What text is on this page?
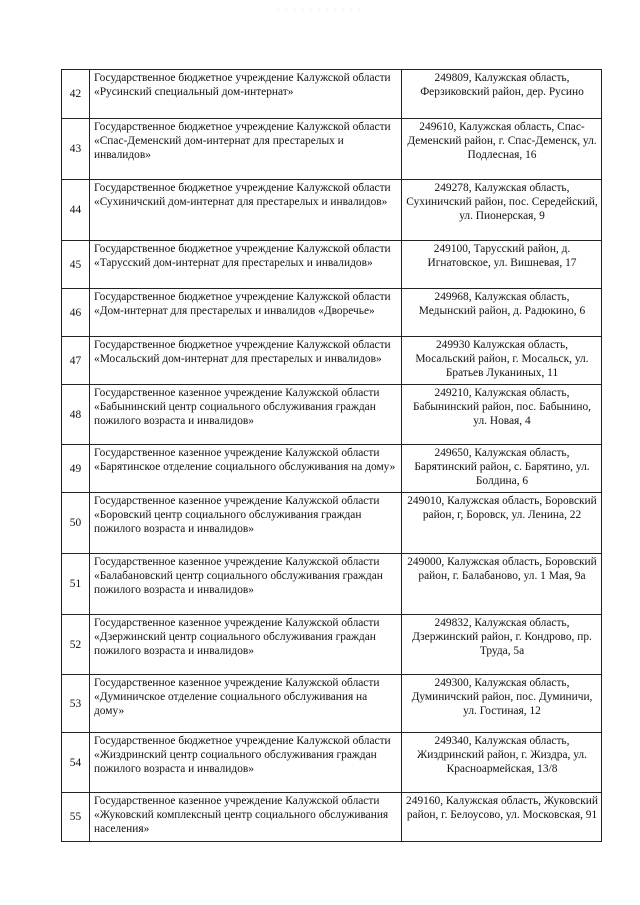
· · · · · · · · · · ·
42	Государственное бюджетное учреждение Калужской области «Русинский специальный дом-интернат»	249809, Калужская область, Ферзиковский район, дер. Русино
43	Государственное бюджетное учреждение Калужской области «Спас-Деменский дом-интернат для престарелых и инвалидов»	249610, Калужская область, Спас-Деменский район, г. Спас-Деменск, ул. Подлесная, 16
44	Государственное бюджетное учреждение Калужской области «Сухиничский дом-интернат для престарелых и инвалидов»	249278, Калужская область, Сухиничский район, пос. Середейский, ул. Пионерская, 9
45	Государственное бюджетное учреждение Калужской области «Тарусский дом-интернат для престарелых и инвалидов»	249100, Тарусский район, д. Игнатовское, ул. Вишневая, 17
46	Государственное бюджетное учреждение Калужской области «Дом-интернат для престарелых и инвалидов «Дворечье»	249968, Калужская область, Медынский район, д. Радюкино, 6
47	Государственное бюджетное учреждение Калужской области «Мосальский дом-интернат для престарелых и инвалидов»	249930 Калужская область, Мосальский район, г. Мосальск, ул. Братьев Луканиных, 11
48	Государственное казенное учреждение Калужской области «Бабынинский центр социального обслуживания граждан пожилого возраста и инвалидов»	249210, Калужская область, Бабынинский район, пос. Бабынино, ул. Новая, 4
49	Государственное казенное учреждение Калужской области «Барятинское отделение социального обслуживания на дому»	249650, Калужская область, Барятинский район, с. Барятино, ул. Болдина, 6
50	Государственное казенное учреждение Калужской области «Боровский центр социального обслуживания граждан пожилого возраста и инвалидов»	249010, Калужская область, Боровский район, г, Боровск, ул. Ленина, 22
51	Государственное казенное учреждение Калужской области «Балабановский центр социального обслуживания граждан пожилого возраста и инвалидов»	249000, Калужская область, Боровский район, г. Балабаново, ул. 1 Мая, 9а
52	Государственное казенное учреждение Калужской области «Дзержинский центр социального обслуживания граждан пожилого возраста и инвалидов»	249832, Калужская область, Дзержинский район, г. Кондрово, пр. Труда, 5а
53	Государственное казенное учреждение Калужской области «Думиничское отделение социального обслуживания на дому»	249300, Калужская область, Думиничский район, пос. Думиничи, ул. Гостиная, 12
54	Государственное бюджетное учреждение Калужской области «Жиздринский центр социального обслуживания граждан пожилого возраста и инвалидов»	249340, Калужская область, Жиздринский район, г. Жиздра, ул. Красноармейская, 13/8
55	Государственное казенное учреждение Калужской области «Жуковский комплексный центр социального обслуживания населения»	249160, Калужская область, Жуковский район, г. Белоусово, ул. Московская, 91
